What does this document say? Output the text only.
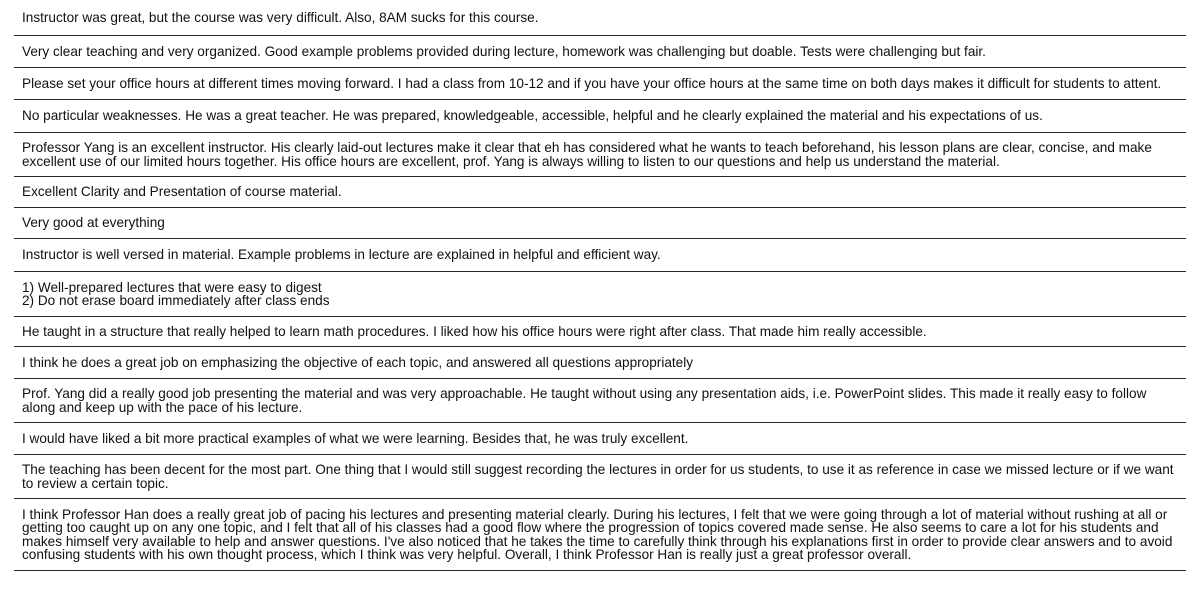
Instructor was great, but the course was very difficult. Also, 8AM sucks for this course.
Very clear teaching and very organized. Good example problems provided during lecture, homework was challenging but doable. Tests were challenging but fair.
Please set your office hours at different times moving forward. I had a class from 10-12 and if you have your office hours at the same time on both days makes it difficult for students to attent.
No particular weaknesses. He was a great teacher. He was prepared, knowledgeable, accessible, helpful and he clearly explained the material and his expectations of us.
Professor Yang is an excellent instructor. His clearly laid-out lectures make it clear that eh has considered what he wants to teach beforehand, his lesson plans are clear, concise, and make excellent use of our limited hours together. His office hours are excellent, prof. Yang is always willing to listen to our questions and help us understand the material.
Excellent Clarity and Presentation of course material.
Very good at everything
Instructor is well versed in material. Example problems in lecture are explained in helpful and efficient way.
1) Well-prepared lectures that were easy to digest
2) Do not erase board immediately after class ends
He taught in a structure that really helped to learn math procedures. I liked how his office hours were right after class. That made him really accessible.
I think he does a great job on emphasizing the objective of each topic, and answered all questions appropriately
Prof. Yang did a really good job presenting the material and was very approachable. He taught without using any presentation aids, i.e. PowerPoint slides. This made it really easy to follow along and keep up with the pace of his lecture.
I would have liked a bit more practical examples of what we were learning. Besides that, he was truly excellent.
The teaching has been decent for the most part. One thing that I would still suggest recording the lectures in order for us students, to use it as reference in case we missed lecture or if we want to review a certain topic.
I think Professor Han does a really great job of pacing his lectures and presenting material clearly. During his lectures, I felt that we were going through a lot of material without rushing at all or getting too caught up on any one topic, and I felt that all of his classes had a good flow where the progression of topics covered made sense. He also seems to care a lot for his students and makes himself very available to help and answer questions. I've also noticed that he takes the time to carefully think through his explanations first in order to provide clear answers and to avoid confusing students with his own thought process, which I think was very helpful. Overall, I think Professor Han is really just a great professor overall.
